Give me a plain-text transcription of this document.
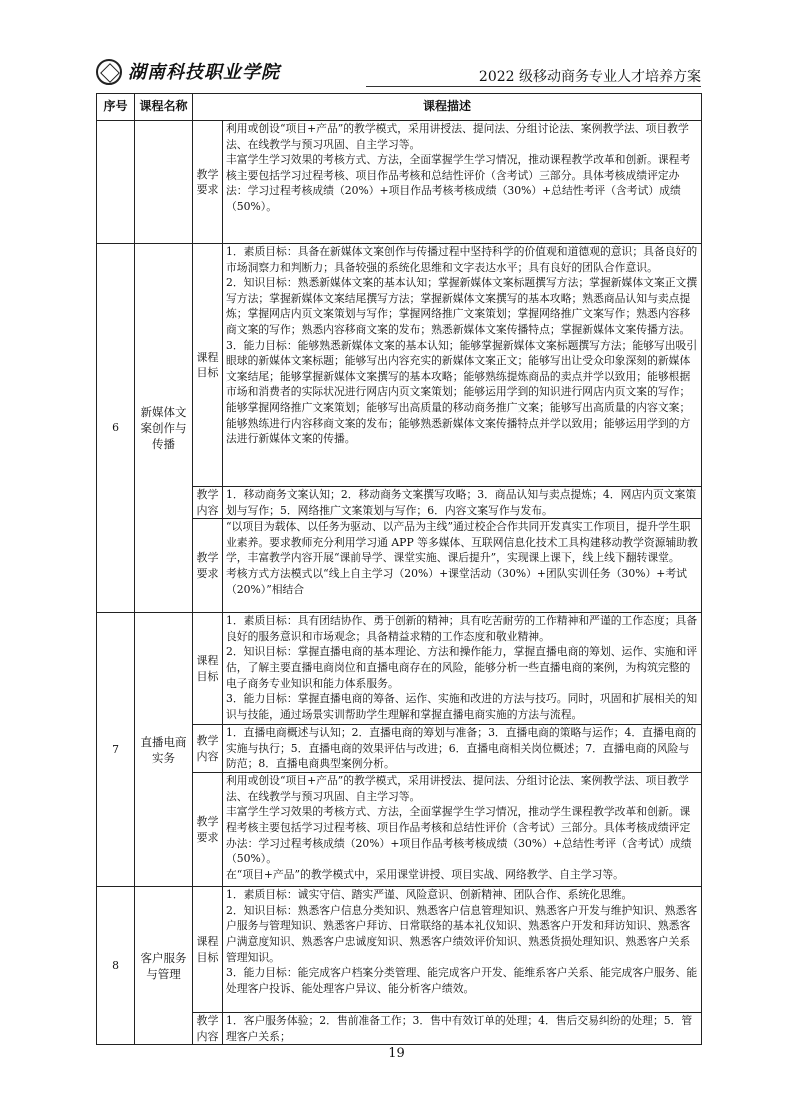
湖南科技职业学院	2022 级移动商务专业人才培养方案
序号	课程名称	课程描述	
		教学要求	利用或创设“项目+产品”的教学模式，采用讲授法、提问法、分组讨论法、案例教学法、项目教学法、在线教学与预习巩固、自主学习等。
丰富学生学习效果的考核方式、方法，全面掌握学生学习情况，推动课程教学改革和创新。课程考核主要包括学习过程考核、项目作品考核和总结性评价（含考试）三部分。具体考核成绩评定办法：学习过程考核成绩（20%）+项目作品考核考核成绩（30%）+总结性考评（含考试）成绩（50%）。

6	新媒体文案创作与传播	课程目标	1．素质目标：具备在新媒体文案创作与传播过程中坚持科学的价值观和道德观的意识；具备良好的市场洞察力和判断力；具备较强的系统化思维和文字表达水平；具有良好的团队合作意识。
2．知识目标：熟悉新媒体文案的基本认知；掌握新媒体文案标题撰写方法；掌握新媒体文案正文撰写方法；掌握新媒体文案结尾撰写方法；掌握新媒体文案撰写的基本攻略；熟悉商品认知与卖点提炼；掌握网店内页文案策划与写作；掌握网络推广文案策划；掌握网络推广文案写作；熟悉内容移商文案的写作；熟悉内容移商文案的发布；熟悉新媒体文案传播特点；掌握新媒体文案传播方法。
3．能力目标：能够熟悉新媒体文案的基本认知；能够掌握新媒体文案标题撰写方法；能够写出吸引眼球的新媒体文案标题；能够写出内容充实的新媒体文案正文；能够写出让受众印象深刻的新媒体文案结尾；能够掌握新媒体文案撰写的基本攻略；能够熟练提炼商品的卖点并学以致用；能够根据市场和消费者的实际状况进行网店内页文案策划；能够运用学到的知识进行网店内页文案的写作；能够掌握网络推广文案策划；能够写出高质量的移动商务推广文案；能够写出高质量的内容文案；能够熟练进行内容移商文案的发布；能够熟悉新媒体文案传播特点并学以致用；能够运用学到的方法进行新媒体文案的传播。

		教学内容	1．移动商务文案认知；2．移动商务文案撰写攻略；3．商品认知与卖点提炼；4．网店内页文案策划与写作；5．网络推广文案策划与写作；6．内容文案写作与发布。

		教学要求	“以项目为载体、以任务为驱动、以产品为主线”通过校企合作共同开发真实工作项目，提升学生职业素养。要求教师充分利用学习通 APP 等多媒体、互联网信息化技术工具构建移动教学资源辅助教学，丰富教学内容开展“课前导学、课堂实施、课后提升”，实现课上课下，线上线下翻转课堂。
考核方式方法模式以“线上自主学习（20%）+课堂活动（30%）+团队实训任务（30%）+考试（20%）”相结合

7	直播电商实务	课程目标	1．素质目标：具有团结协作、勇于创新的精神；具有吃苦耐劳的工作精神和严谨的工作态度；具备良好的服务意识和市场观念；具备精益求精的工作态度和敬业精神。
2．知识目标：掌握直播电商的基本理论、方法和操作能力，掌握直播电商的筹划、运作、实施和评估，了解主要直播电商岗位和直播电商存在的风险，能够分析一些直播电商的案例，为构筑完整的电子商务专业知识和能力体系服务。
3．能力目标：掌握直播电商的筹备、运作、实施和改进的方法与技巧。同时，巩固和扩展相关的知识与技能，通过场景实训帮助学生理解和掌握直播电商实施的方法与流程。

		教学内容	1．直播电商概述与认知；2．直播电商的筹划与准备；3．直播电商的策略与运作；4．直播电商的实施与执行；5．直播电商的效果评估与改进；6．直播电商相关岗位概述；7．直播电商的风险与防范；8．直播电商典型案例分析。

		教学要求	利用或创设“项目+产品”的教学模式，采用讲授法、提问法、分组讨论法、案例教学法、项目教学法、在线教学与预习巩固、自主学习等。
丰富学生学习效果的考核方式、方法，全面掌握学生学习情况，推动学生课程教学改革和创新。课程考核主要包括学习过程考核、项目作品考核和总结性评价（含考试）三部分。具体考核成绩评定办法：学习过程考核成绩（20%）+项目作品考核考核成绩（30%）+总结性考评（含考试）成绩（50%）。
在“项目+产品”的教学模式中，采用课堂讲授、项目实战、网络教学、自主学习等。

8	客户服务与管理	课程目标	1．素质目标：诚实守信、踏实严谨、风险意识、创新精神、团队合作、系统化思维。
2．知识目标：熟悉客户信息分类知识、熟悉客户信息管理知识、熟悉客户开发与维护知识、熟悉客户服务与管理知识、熟悉客户拜访、日常联络的基本礼仪知识、熟悉客户开发和拜访知识、熟悉客户满意度知识、熟悉客户忠诚度知识、熟悉客户绩效评价知识、熟悉货损处理知识、熟悉客户关系管理知识。
3．能力目标：能完成客户档案分类管理、能完成客户开发、能维系客户关系、能完成客户服务、能处理客户投诉、能处理客户异议、能分析客户绩效。

		教学内容	1．客户服务体验；2．售前准备工作；3．售中有效订单的处理；4．售后交易纠纷的处理；5．管理客户关系；
19
